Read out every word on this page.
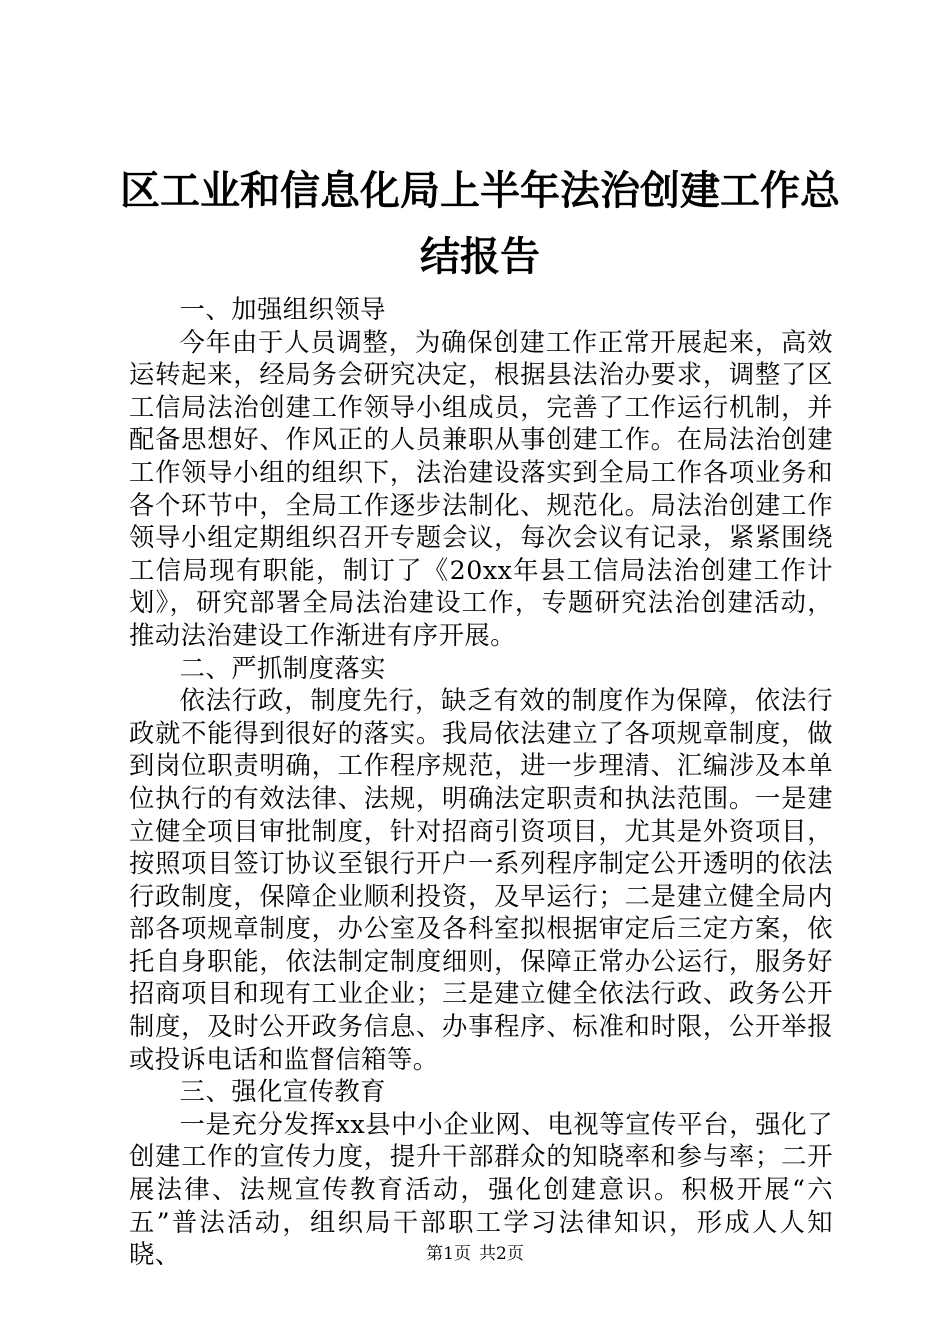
区工业和信息化局上半年法治创建工作总结报告

一、加强组织领导

今年由于人员调整，为确保创建工作正常开展起来，高效运转起来，经局务会研究决定，根据县法治办要求，调整了区工信局法治创建工作领导小组成员，完善了工作运行机制，并配备思想好、作风正的人员兼职从事创建工作。在局法治创建工作领导小组的组织下，法治建设落实到全局工作各项业务和各个环节中，全局工作逐步法制化、规范化。局法治创建工作领导小组定期组织召开专题会议，每次会议有记录，紧紧围绕工信局现有职能，制订了《20xx年县工信局法治创建工作计划》，研究部署全局法治建设工作，专题研究法治创建活动，推动法治建设工作渐进有序开展。

二、严抓制度落实

依法行政，制度先行，缺乏有效的制度作为保障，依法行政就不能得到很好的落实。我局依法建立了各项规章制度，做到岗位职责明确，工作程序规范，进一步理清、汇编涉及本单位执行的有效法律、法规，明确法定职责和执法范围。一是建立健全项目审批制度，针对招商引资项目，尤其是外资项目，按照项目签订协议至银行开户一系列程序制定公开透明的依法行政制度，保障企业顺利投资，及早运行；二是建立健全局内部各项规章制度，办公室及各科室拟根据审定后三定方案，依托自身职能，依法制定制度细则，保障正常办公运行，服务好招商项目和现有工业企业；三是建立健全依法行政、政务公开制度，及时公开政务信息、办事程序、标准和时限，公开举报或投诉电话和监督信箱等。

三、强化宣传教育

一是充分发挥xx县中小企业网、电视等宣传平台，强化了创建工作的宣传力度，提升干部群众的知晓率和参与率；二开展法律、法规宣传教育活动，强化创建意识。积极开展“六五”普法活动，组织局干部职工学习法律知识，形成人人知晓、	第1页 共2页
